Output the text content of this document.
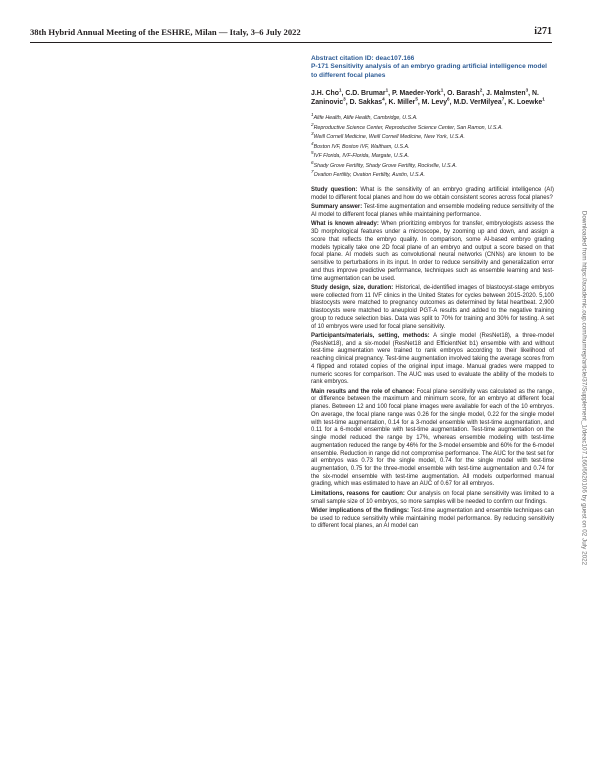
38th Hybrid Annual Meeting of the ESHRE, Milan — Italy, 3–6 July 2022	i271
Abstract citation ID: deac107.166
P-171 Sensitivity analysis of an embryo grading artificial intelligence model to different focal planes
J.H. Cho$^1$, C.D. Brumar$^1$, P. Maeder-York$^1$, O. Barash$^2$, J. Malmsten$^3$, N. Zaninovic$^3$, D. Sakkas$^4$, K. Miller$^5$, M. Levy$^6$, M.D. VerMilyea$^7$, K. Loewke$^1$
$^1$Alife Health, Alife Health, Cambridge, U.S.A.
$^2$Reproductive Science Center, Reproductive Science Center, San Ramon, U.S.A.
$^3$Weill Cornell Medicine, Weill Cornell Medicine, New York, U.S.A.
$^4$Boston IVF, Boston IVF, Waltham, U.S.A.
$^5$IVF Florida, IVF-Florida, Margate, U.S.A.
$^6$Shady Grove Fertility, Shady Grove Fertility, Rockville, U.S.A.
$^7$Ovation Fertility, Ovation Fertility, Austin, U.S.A.

Study question: What is the sensitivity of an embryo grading artificial intelligence (AI) model to different focal planes and how do we obtain consistent scores across focal planes?

Summary answer: Test-time augmentation and ensemble modeling reduce sensitivity of the AI model to different focal planes while maintaining performance.

What is known already: When prioritizing embryos for transfer, embryologists assess the 3D morphological features under a microscope, by zooming up and down, and assign a score that reflects the embryo quality. In comparison, some AI-based embryo grading models typically take one 2D focal plane of an embryo and output a score based on that focal plane. AI models such as convolutional neural networks (CNNs) are known to be sensitive to perturbations in its input. In order to reduce sensitivity and generalization error and thus improve predictive performance, techniques such as ensemble learning and test-time augmentation can be used.

Study design, size, duration: Historical, de-identified images of blastocyst-stage embryos were collected from 11 IVF clinics in the United States for cycles between 2015-2020. 5,100 blastocysts were matched to pregnancy outcomes as determined by fetal heartbeat. 2,900 blastocysts were matched to aneuploid PGT-A results and added to the negative training group to reduce selection bias. Data was split to 70% for training and 30% for testing. A set of 10 embryos were used for focal plane sensitivity.

Participants/materials, setting, methods: A single model (ResNet18), a three-model (ResNet18), and a six-model (ResNet18 and EfficientNet b1) ensemble with and without test-time augmentation were trained to rank embryos according to their likelihood of reaching clinical pregnancy. Test-time augmentation involved taking the average scores from 4 flipped and rotated copies of the original input image. Manual grades were mapped to numeric scores for comparison. The AUC was used to evaluate the ability of the models to rank embryos.

Main results and the role of chance: Focal plane sensitivity was calculated as the range, or difference between the maximum and minimum score, for an embryo at different focal planes. Between 12 and 100 focal plane images were available for each of the 10 embryos. On average, the focal plane range was 0.26 for the single model, 0.22 for the single model with test-time augmentation, 0.14 for a 3-model ensemble with test-time augmentation, and 0.11 for a 6-model ensemble with test-time augmentation. Test-time augmentation on the single model reduced the range by 17%, whereas ensemble modeling with test-time augmentation reduced the range by 46% for the 3-model ensemble and 60% for the 6-model ensemble. Reduction in range did not compromise performance. The AUC for the test set for all embryos was 0.73 for the single model, 0.74 for the single model with test-time augmentation, 0.75 for the three-model ensemble with test-time augmentation and 0.74 for the six-model ensemble with test-time augmentation. All models outperformed manual grading, which was estimated to have an AUC of 0.67 for all embryos.

Limitations, reasons for caution: Our analysis on focal plane sensitivity was limited to a small sample size of 10 embryos, so more samples will be needed to confirm our findings.

Wider implications of the findings: Test-time augmentation and ensemble techniques can be used to reduce sensitivity while maintaining model performance. By reducing sensitivity to different focal planes, an AI model can	Downloaded from https://academic.oup.com/humrep/article/37/Supplement_1/deac107.166/6620106 by guest on 02 July 2022
